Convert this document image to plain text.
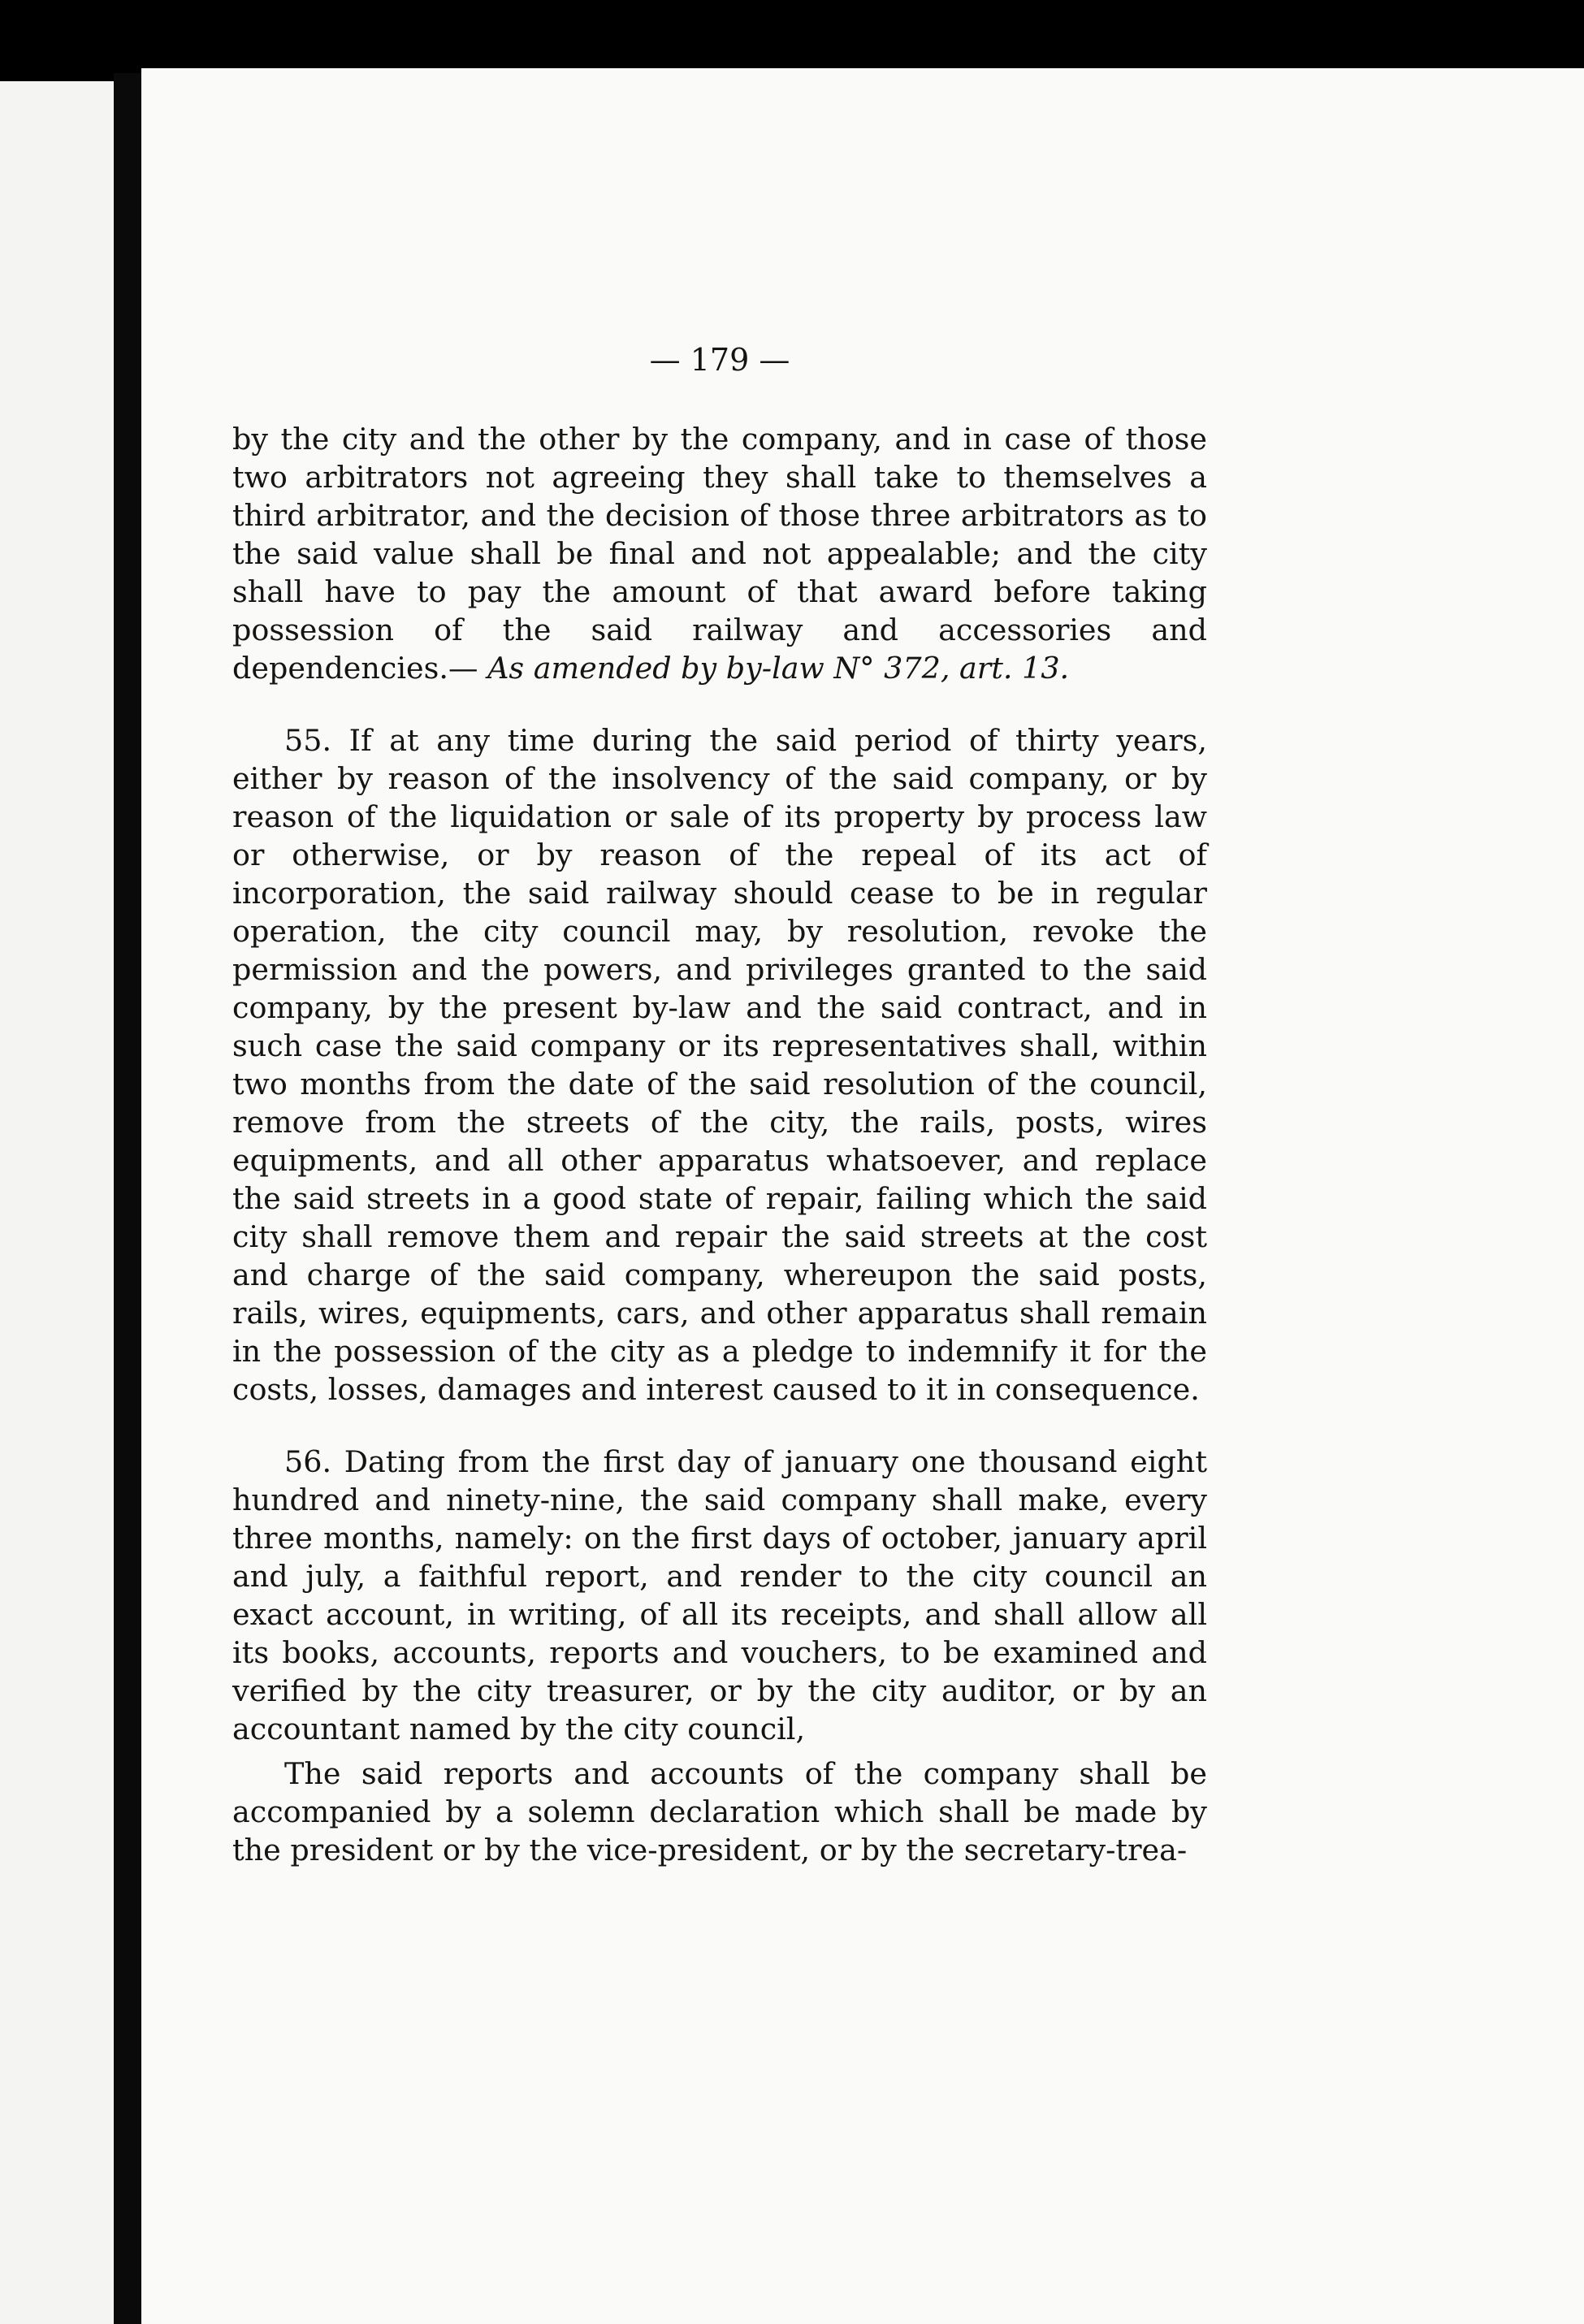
— 179 —

by the city and the other by the company, and in case of those two arbitrators not agreeing they shall take to themselves a third arbitrator, and the decision of those three arbitrators as to the said value shall be final and not appealable; and the city shall have to pay the amount of that award before taking possession of the said railway and accessories and dependencies.— As amended by by-law N° 372, art. 13.

55. If at any time during the said period of thirty years, either by reason of the insolvency of the said company, or by reason of the liquidation or sale of its property by process law or otherwise, or by reason of the repeal of its act of incorporation, the said railway should cease to be in regular operation, the city council may, by resolution, revoke the permission and the powers, and privileges granted to the said company, by the present by-law and the said contract, and in such case the said company or its representatives shall, within two months from the date of the said resolution of the council, remove from the streets of the city, the rails, posts, wires equipments, and all other apparatus whatsoever, and replace the said streets in a good state of repair, failing which the said city shall remove them and repair the said streets at the cost and charge of the said company, whereupon the said posts, rails, wires, equipments, cars, and other apparatus shall remain in the possession of the city as a pledge to indemnify it for the costs, losses, damages and interest caused to it in consequence.

56. Dating from the first day of january one thousand eight hundred and ninety-nine, the said company shall make, every three months, namely: on the first days of october, january april and july, a faithful report, and render to the city council an exact account, in writing, of all its receipts, and shall allow all its books, accounts, reports and vouchers, to be examined and verified by the city treasurer, or by the city auditor, or by an accountant named by the city council,

The said reports and accounts of the company shall be accompanied by a solemn declaration which shall be made by the president or by the vice-president, or by the secretary-trea-
